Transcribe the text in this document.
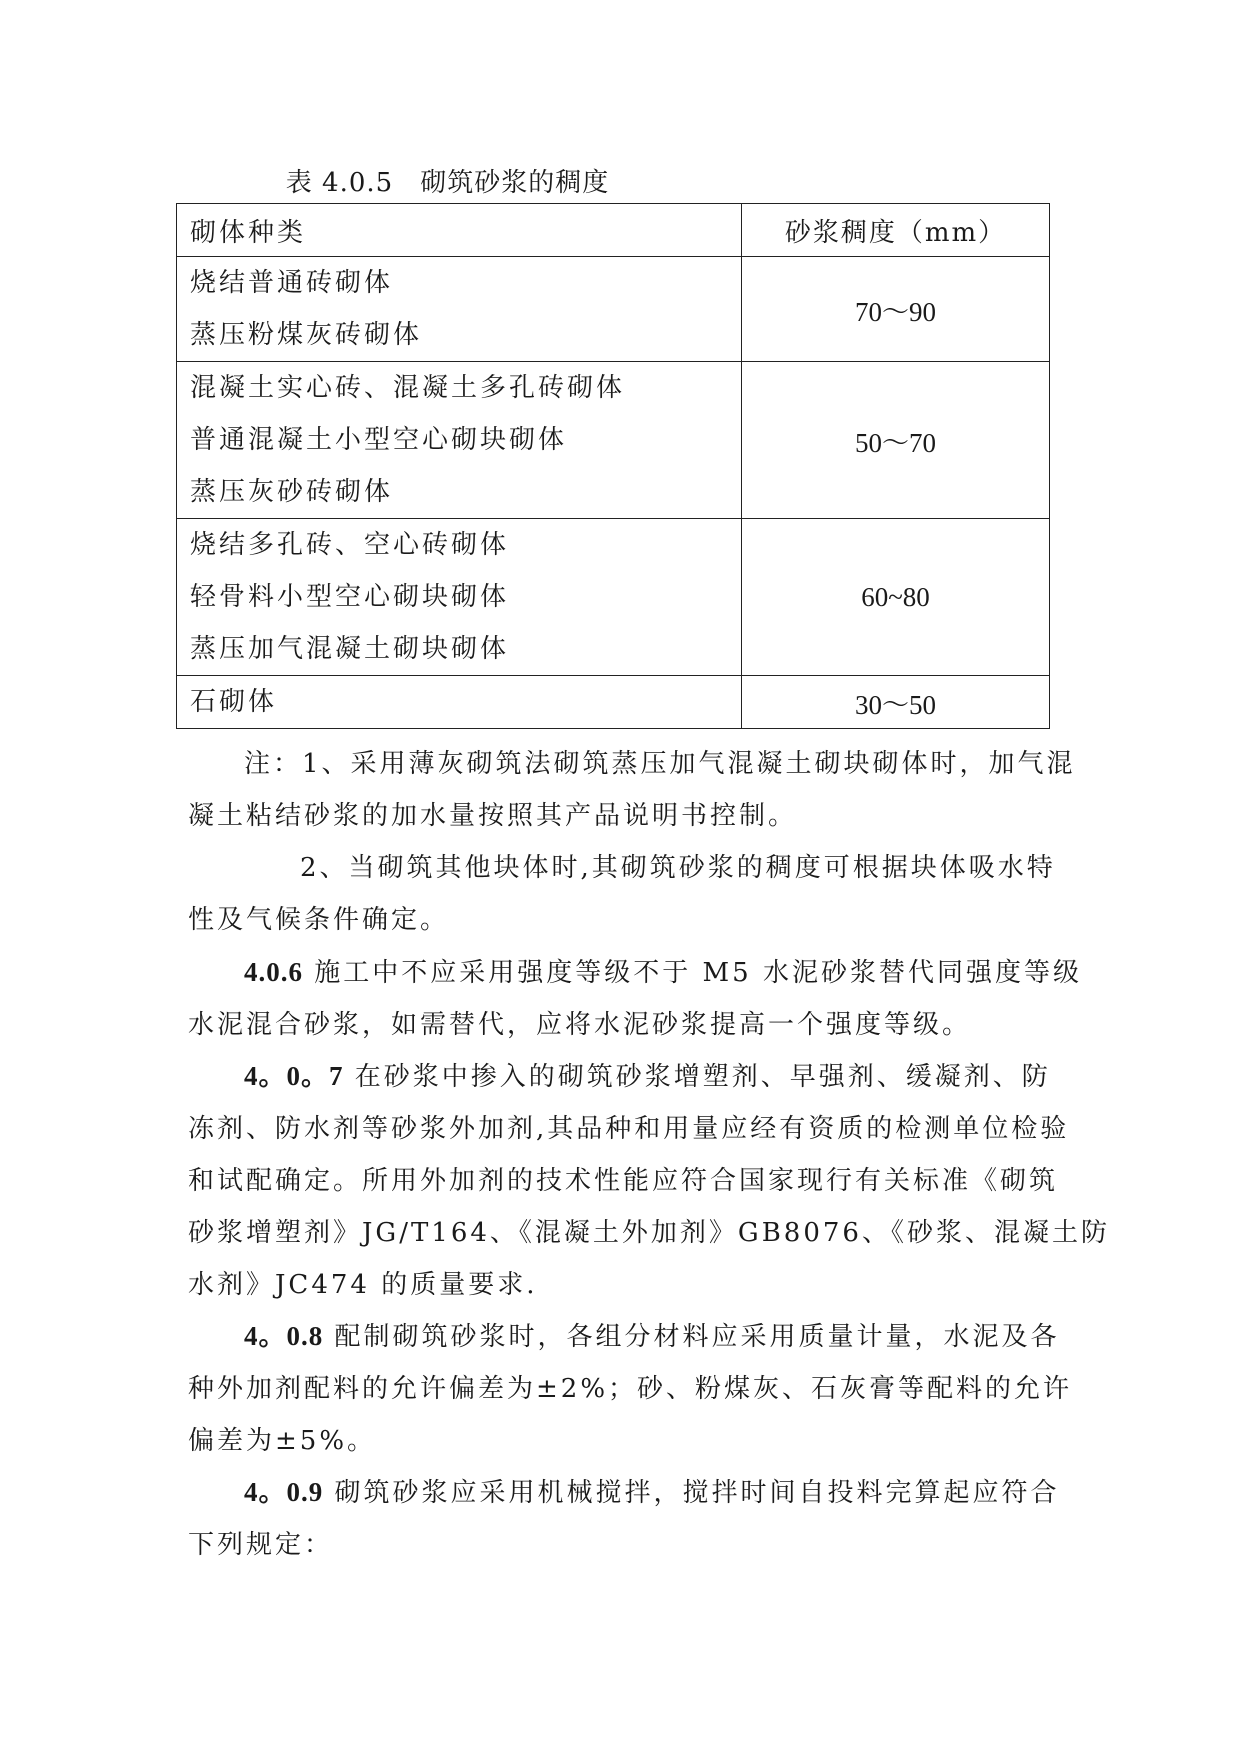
表 4.0.5　砌筑砂浆的稠度
砌体种类	砂浆稠度（mm）

烧结普通砖砌体
蒸压粉煤灰砖砌体	70～90

混凝土实心砖、混凝土多孔砖砌体
普通混凝土小型空心砌块砌体
蒸压灰砂砖砌体	50～70

烧结多孔砖、空心砖砌体
轻骨料小型空心砌块砌体
蒸压加气混凝土砌块砌体	60~80

石砌体	30～50
注：1、采用薄灰砌筑法砌筑蒸压加气混凝土砌块砌体时，加气混
凝土粘结砂浆的加水量按照其产品说明书控制。
2、当砌筑其他块体时,其砌筑砂浆的稠度可根据块体吸水特
性及气候条件确定。
4.0.6 施工中不应采用强度等级不于 M5 水泥砂浆替代同强度等级
水泥混合砂浆，如需替代，应将水泥砂浆提高一个强度等级。
4。0。7 在砂浆中掺入的砌筑砂浆增塑剂、早强剂、缓凝剂、防
冻剂、防水剂等砂浆外加剂,其品种和用量应经有资质的检测单位检验
和试配确定。所用外加剂的技术性能应符合国家现行有关标准《砌筑
砂浆增塑剂》JG/T164、《混凝土外加剂》GB8076、《砂浆、混凝土防
水剂》JC474 的质量要求.
4。0.8 配制砌筑砂浆时，各组分材料应采用质量计量，水泥及各
种外加剂配料的允许偏差为±2%；砂、粉煤灰、石灰膏等配料的允许
偏差为±5%。
4。0.9 砌筑砂浆应采用机械搅拌，搅拌时间自投料完算起应符合
下列规定：
